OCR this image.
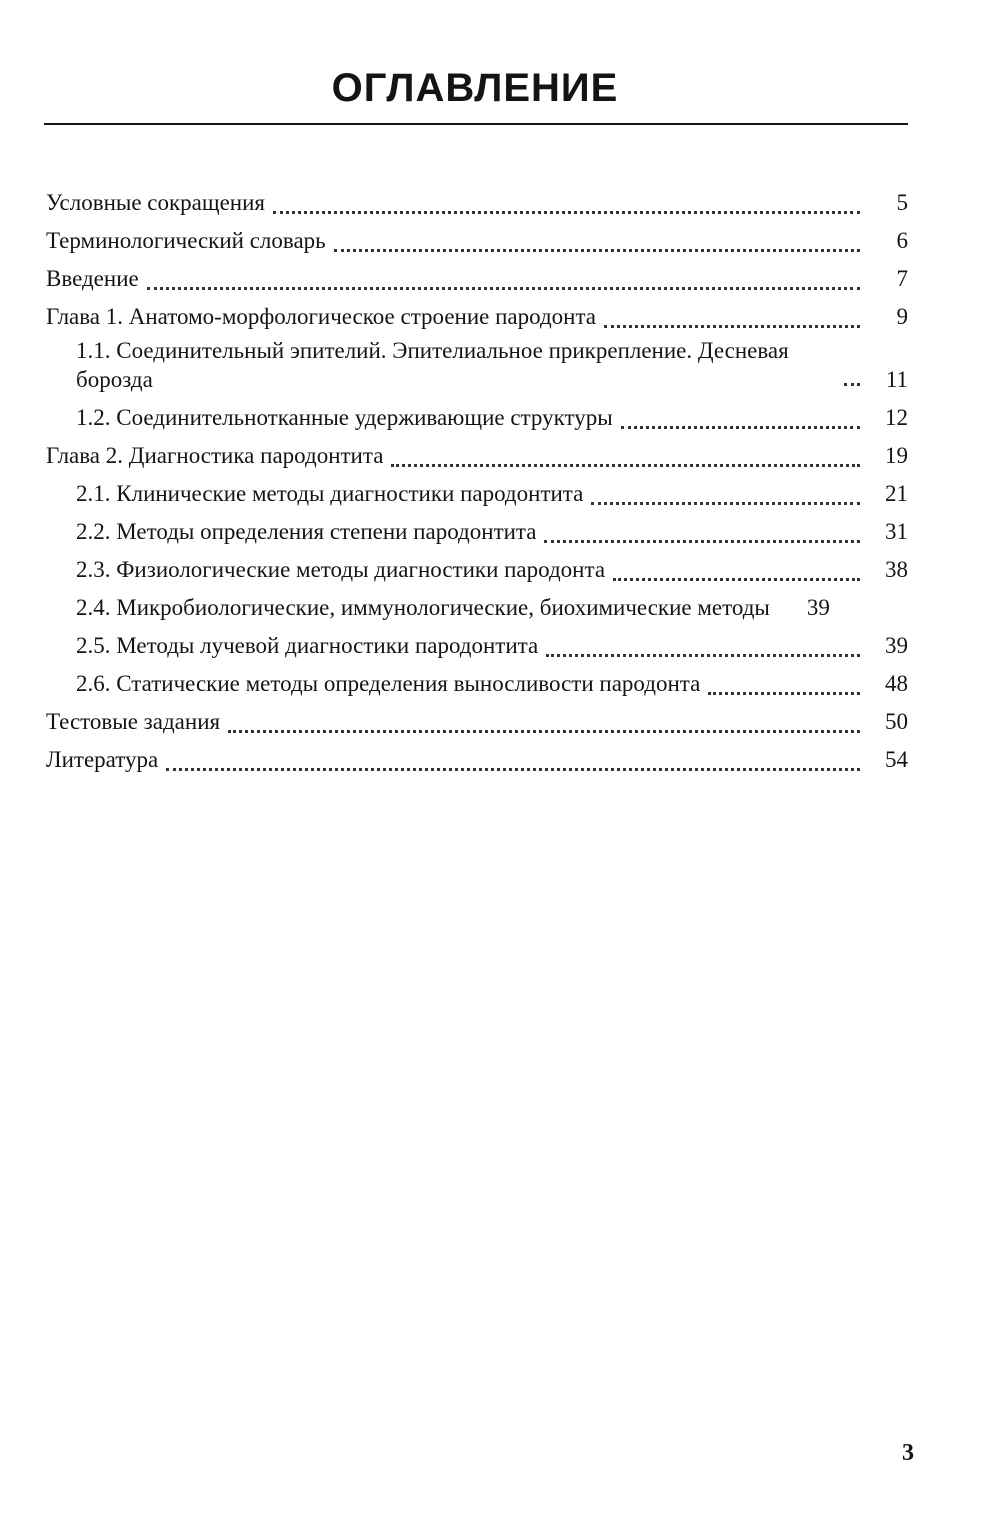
ОГЛАВЛЕНИЕ
Условные сокращения	5
Терминологический словарь	6
Введение	7
Глава 1. Анатомо-морфологическое строение пародонта	9
1.1. Соединительный эпителий. Эпителиальное прикрепление. Десневая борозда	11
1.2. Соединительнотканные удерживающие структуры	12
Глава 2. Диагностика пародонтита	19
2.1. Клинические методы диагностики пародонтита	21
2.2. Методы определения степени пародонтита	31
2.3. Физиологические методы диагностики пародонта	38
2.4. Микробиологические, иммунологические, биохимические методы	39
2.5. Методы лучевой диагностики пародонтита	39
2.6. Статические методы определения выносливости пародонта	48
Тестовые задания	50
Литература	54
3
